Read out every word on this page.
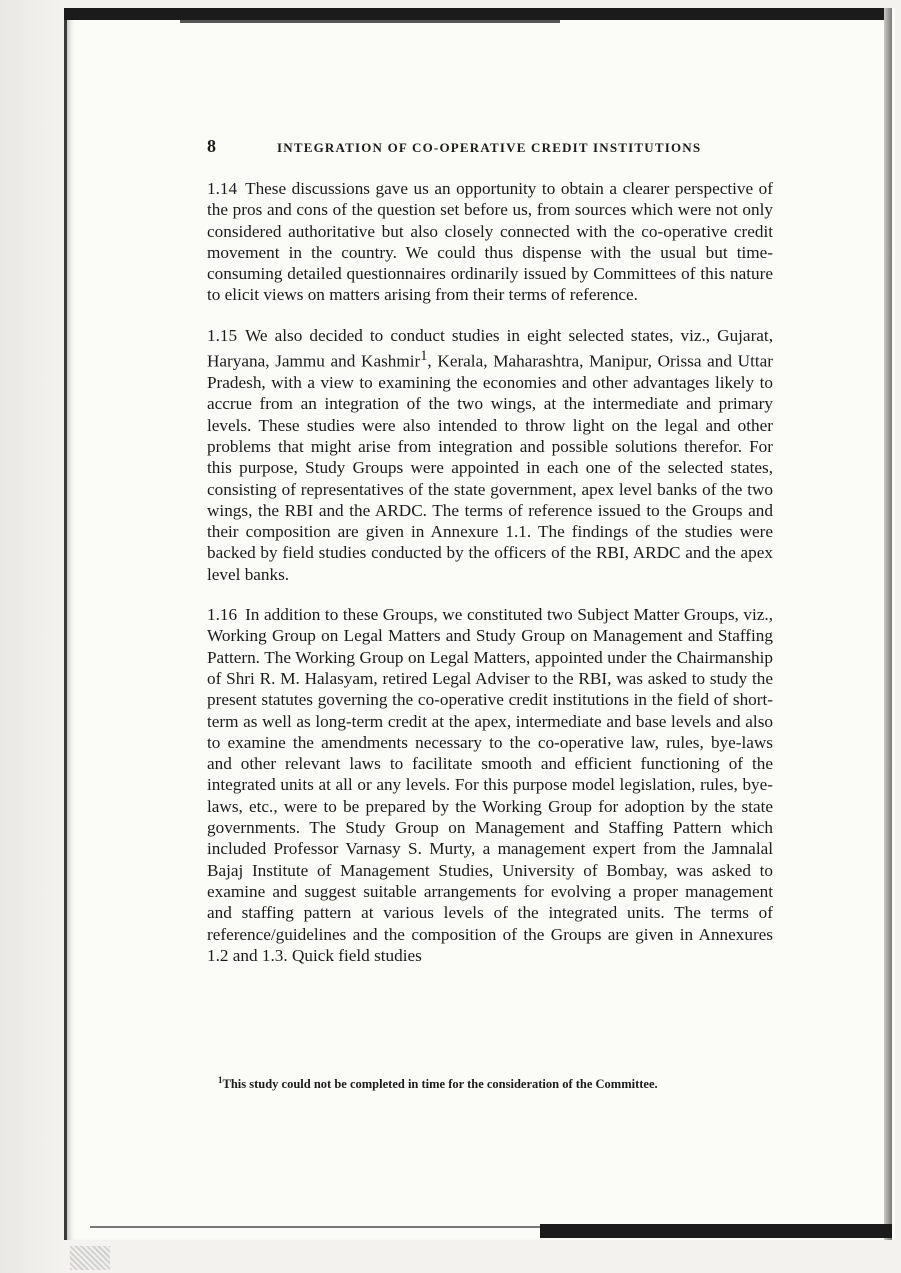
8	INTEGRATION OF CO-OPERATIVE CREDIT INSTITUTIONS

1.14 These discussions gave us an opportunity to obtain a clearer perspective of the pros and cons of the question set before us, from sources which were not only considered authoritative but also closely connected with the co-operative credit movement in the country. We could thus dispense with the usual but time-consuming detailed questionnaires ordinarily issued by Committees of this nature to elicit views on matters arising from their terms of reference.

1.15 We also decided to conduct studies in eight selected states, viz., Gujarat, Haryana, Jammu and Kashmir$^1$, Kerala, Maharashtra, Manipur, Orissa and Uttar Pradesh, with a view to examining the economies and other advantages likely to accrue from an integration of the two wings, at the intermediate and primary levels. These studies were also intended to throw light on the legal and other problems that might arise from integration and possible solutions therefor. For this purpose, Study Groups were appointed in each one of the selected states, consisting of representatives of the state government, apex level banks of the two wings, the RBI and the ARDC. The terms of reference issued to the Groups and their composition are given in Annexure 1.1. The findings of the studies were backed by field studies conducted by the officers of the RBI, ARDC and the apex level banks.

1.16 In addition to these Groups, we constituted two Subject Matter Groups, viz., Working Group on Legal Matters and Study Group on Management and Staffing Pattern. The Working Group on Legal Matters, appointed under the Chairmanship of Shri R. M. Halasyam, retired Legal Adviser to the RBI, was asked to study the present statutes governing the co-operative credit institutions in the field of short-term as well as long-term credit at the apex, intermediate and base levels and also to examine the amendments necessary to the co-operative law, rules, bye-laws and other relevant laws to facilitate smooth and efficient functioning of the integrated units at all or any levels. For this purpose model legislation, rules, bye-laws, etc., were to be prepared by the Working Group for adoption by the state governments. The Study Group on Management and Staffing Pattern which included Professor Varnasy S. Murty, a management expert from the Jamnalal Bajaj Institute of Management Studies, University of Bombay, was asked to examine and suggest suitable arrangements for evolving a proper management and staffing pattern at various levels of the integrated units. The terms of reference/guidelines and the composition of the Groups are given in Annexures 1.2 and 1.3. Quick field studies

$^1$This study could not be completed in time for the consideration of the Committee.
